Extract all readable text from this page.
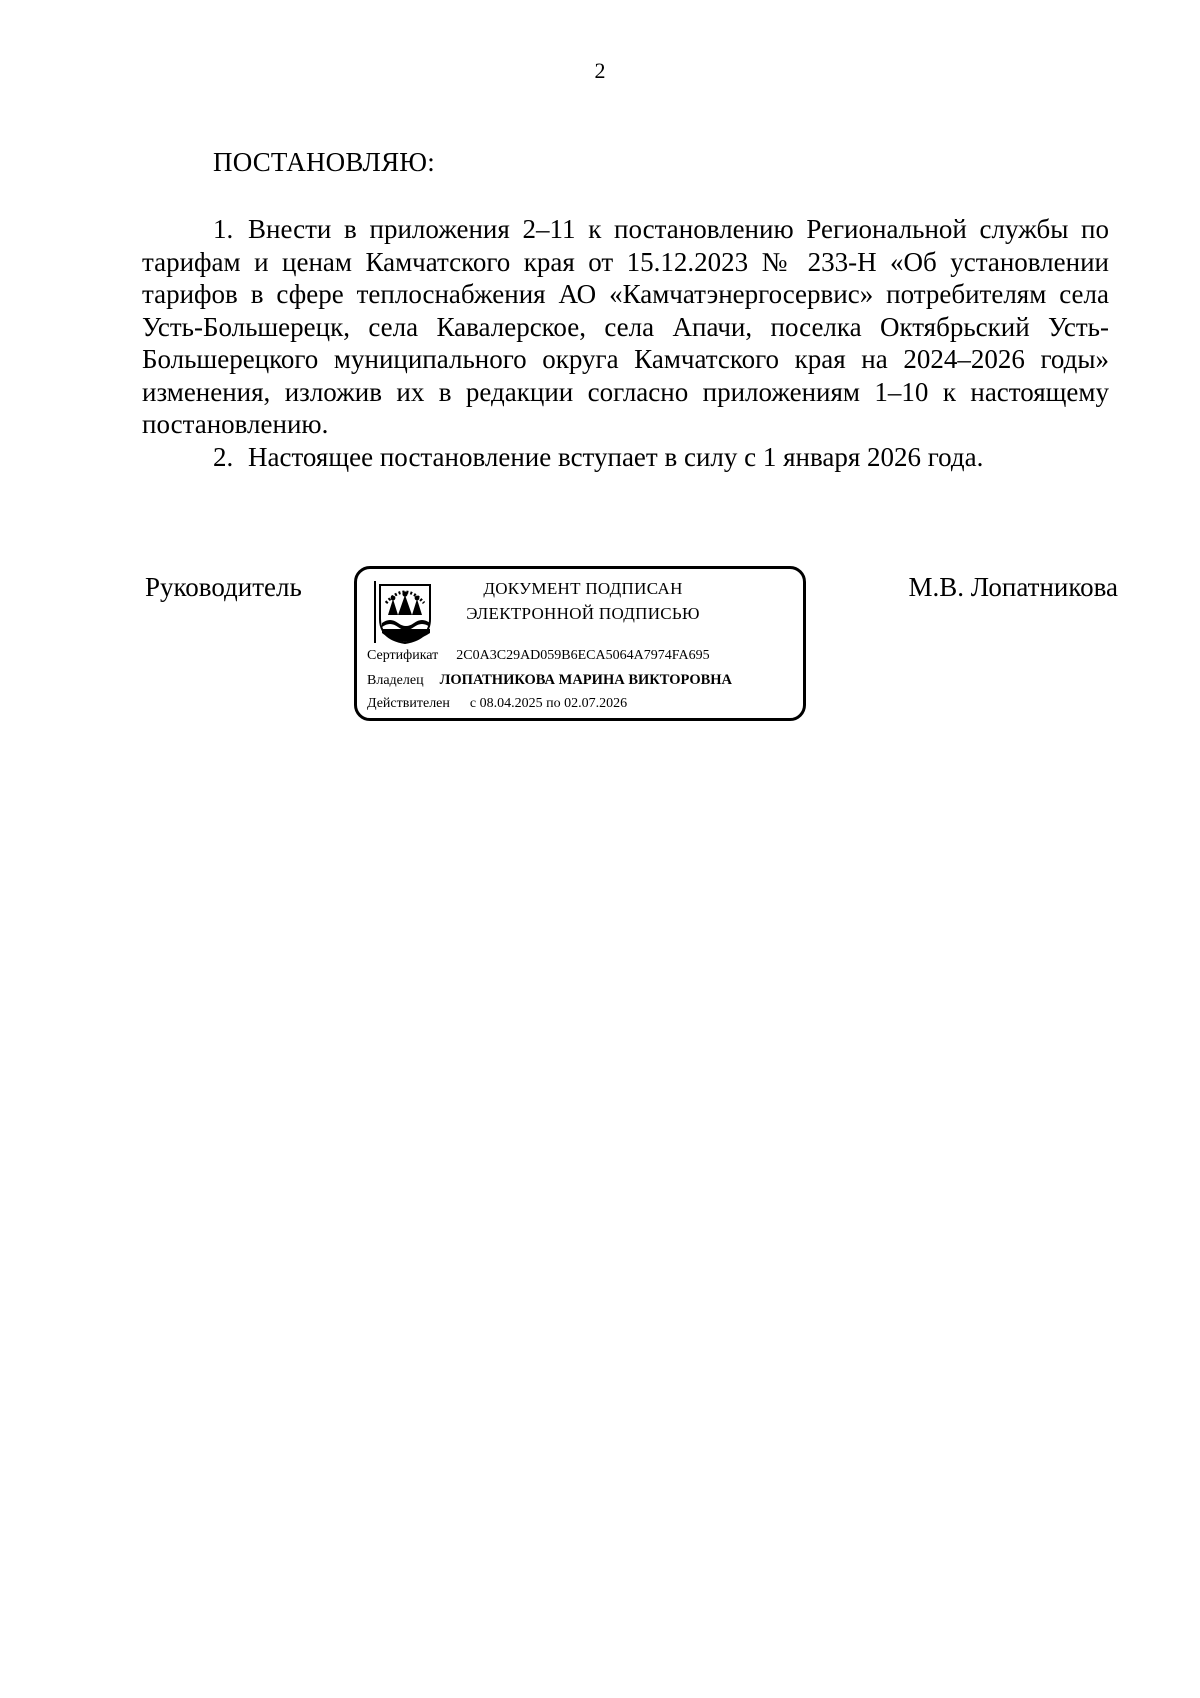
2
ПОСТАНОВЛЯЮ:

1. Внести в приложения 2–11 к постановлению Региональной службы по тарифам и ценам Камчатского края от 15.12.2023 № 233-Н «Об установлении тарифов в сфере теплоснабжения АО «Камчатэнергосервис» потребителям села Усть-Большерецк, села Кавалерское, села Апачи, поселка Октябрьский Усть-Большерецкого муниципального округа Камчатского края на 2024–2026 годы» изменения, изложив их в редакции согласно приложениям 1–10 к настоящему постановлению.

2. Настоящее постановление вступает в силу с 1 января 2026 года.

Руководитель	ДОКУМЕНТ ПОДПИСАН
ЭЛЕКТРОННОЙ ПОДПИСЬЮ
Сертификат 2C0A3C29AD059B6ECA5064A7974FA695
Владелец ЛОПАТНИКОВА МАРИНА ВИКТОРОВНА
Действителен с 08.04.2025 по 02.07.2026
М.В. Лопатникова
